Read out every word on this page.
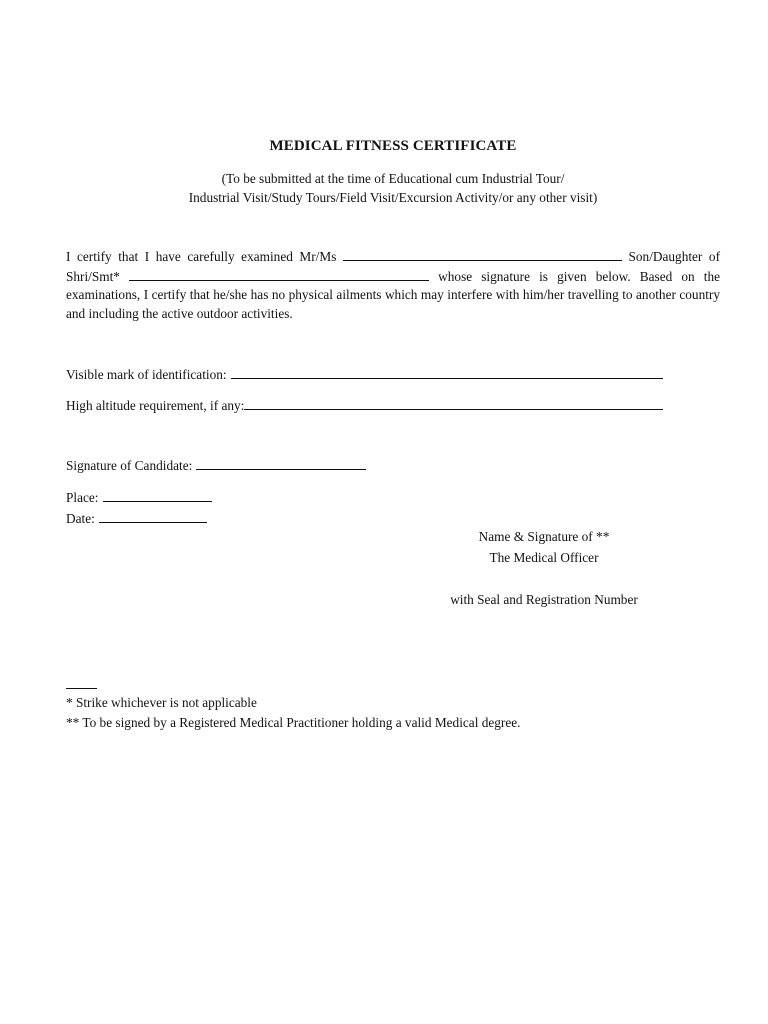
MEDICAL FITNESS CERTIFICATE
(To be submitted at the time of Educational cum Industrial Tour/
Industrial Visit/Study Tours/Field Visit/Excursion Activity/or any other visit)
I certify that I have carefully examined Mr/Ms	Son/Daughter of Shri/Smt*	whose signature is given below. Based on the examinations, I certify that he/she has no physical ailments which may interfere with him/her travelling to another country and including the active outdoor activities.
Visible mark of identification:
High altitude requirement, if any:
Signature of Candidate:
Place:
Date:
Name & Signature of **
The Medical Officer
with Seal and Registration Number
* Strike whichever is not applicable
** To be signed by a Registered Medical Practitioner holding a valid Medical degree.
